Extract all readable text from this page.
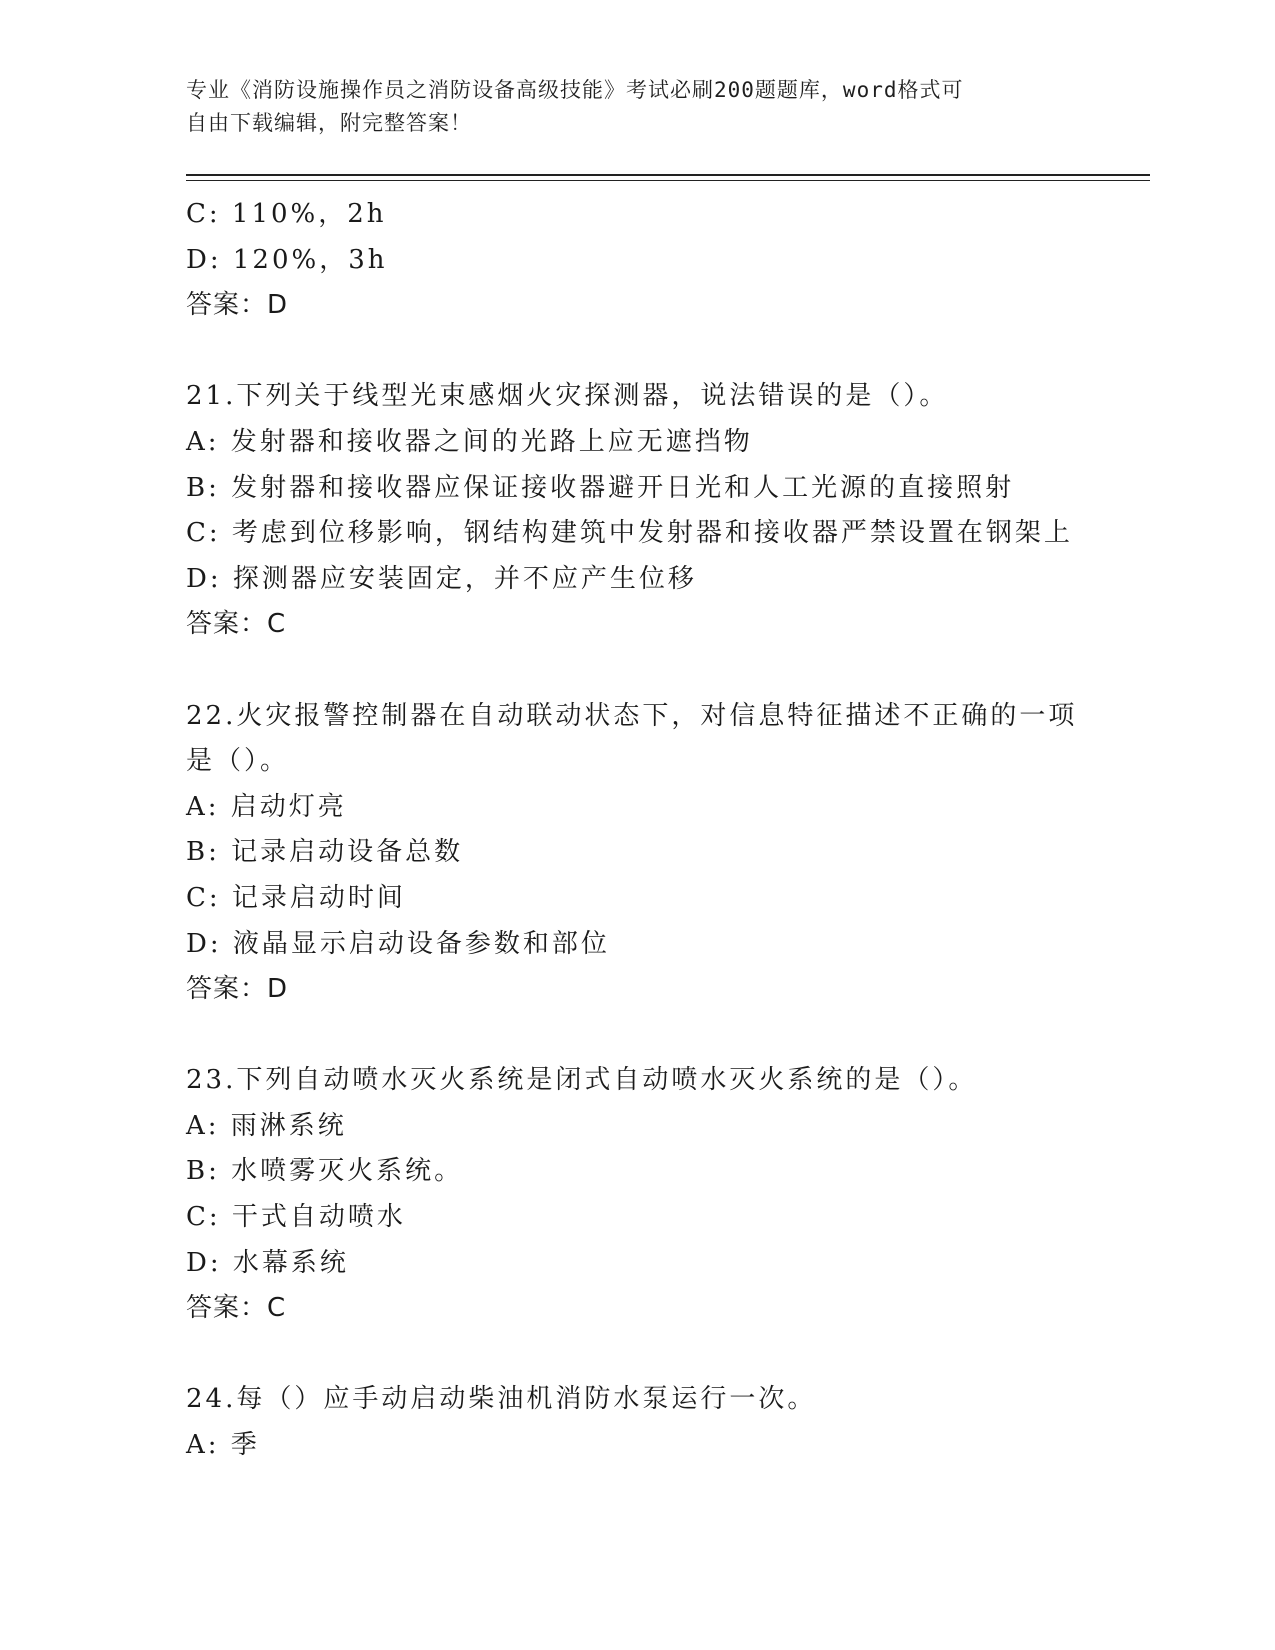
专业《消防设施操作员之消防设备高级技能》考试必刷200题题库，word格式可
自由下载编辑，附完整答案！
C: 110%，2h
D: 120%，3h
答案：D
21.下列关于线型光束感烟火灾探测器，说法错误的是（）。
A: 发射器和接收器之间的光路上应无遮挡物
B: 发射器和接收器应保证接收器避开日光和人工光源的直接照射
C: 考虑到位移影响，钢结构建筑中发射器和接收器严禁设置在钢架上
D: 探测器应安装固定，并不应产生位移
答案：C
22.火灾报警控制器在自动联动状态下，对信息特征描述不正确的一项
是（）。
A: 启动灯亮
B: 记录启动设备总数
C: 记录启动时间
D: 液晶显示启动设备参数和部位
答案：D
23.下列自动喷水灭火系统是闭式自动喷水灭火系统的是（）。
A: 雨淋系统
B: 水喷雾灭火系统。
C: 干式自动喷水
D: 水幕系统
答案：C
24.每（）应手动启动柴油机消防水泵运行一次。
A: 季
